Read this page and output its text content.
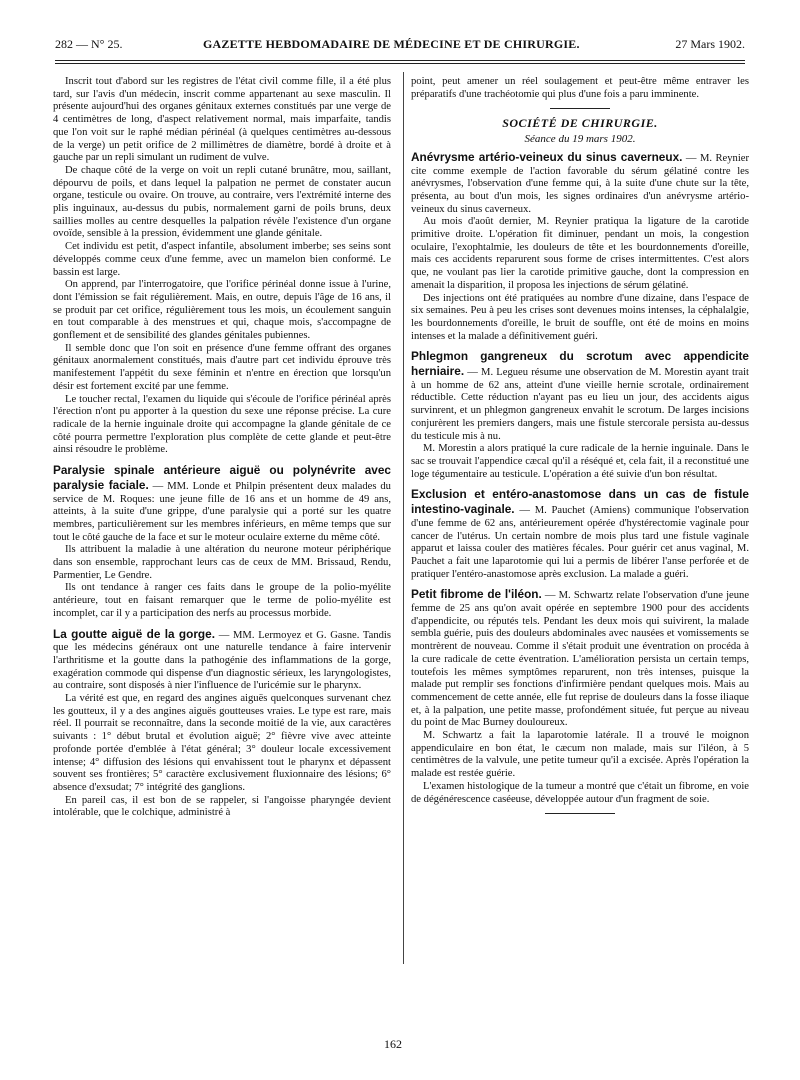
282 — N° 25.	GAZETTE HEBDOMADAIRE DE MÉDECINE ET DE CHIRURGIE.	27 Mars 1902.

Inscrit tout d'abord sur les registres de l'état civil comme fille, il a été plus tard, sur l'avis d'un médecin, inscrit comme appartenant au sexe masculin. Il présente aujourd'hui des organes génitaux externes constitués par une verge de 4 centimètres de long, d'aspect relativement normal, mais imparfaite, tandis que l'on voit sur le raphé médian périnéal (à quelques centimètres au-dessous de la verge) un petit orifice de 2 millimètres de diamètre, bordé à droite et à gauche par un repli simulant un rudiment de vulve.

De chaque côté de la verge on voit un repli cutané brunâtre, mou, saillant, dépourvu de poils, et dans lequel la palpation ne permet de constater aucun organe, testicule ou ovaire. On trouve, au contraire, vers l'extrémité interne des plis inguinaux, au-dessus du pubis, normalement garni de poils bruns, deux saillies molles au centre desquelles la palpation révèle l'existence d'un organe ovoïde, sensible à la pression, évidemment une glande génitale.

Cet individu est petit, d'aspect infantile, absolument imberbe; ses seins sont développés comme ceux d'une femme, avec un mamelon bien conformé. Le bassin est large.

On apprend, par l'interrogatoire, que l'orifice périnéal donne issue à l'urine, dont l'émission se fait régulièrement. Mais, en outre, depuis l'âge de 16 ans, il se produit par cet orifice, régulièrement tous les mois, un écoulement sanguin en tout comparable à des menstrues et qui, chaque mois, s'accompagne de gonflement et de sensibilité des glandes génitales pubiennes.

Il semble donc que l'on soit en présence d'une femme offrant des organes génitaux anormalement constitués, mais d'autre part cet individu éprouve très manifestement l'appétit du sexe féminin et n'entre en érection que lorsqu'un désir est fortement excité par une femme.

Le toucher rectal, l'examen du liquide qui s'écoule de l'orifice périnéal après l'érection n'ont pu apporter à la question du sexe une réponse précise. La cure radicale de la hernie inguinale droite qui accompagne la glande génitale de ce côté pourra permettre l'exploration plus complète de cette glande et peut-être ainsi résoudre le problème.

Paralysie spinale antérieure aiguë ou polynévrite avec paralysie faciale. — MM. Londe et Philpin présentent deux malades du service de M. Roques: une jeune fille de 16 ans et un homme de 49 ans, atteints, à la suite d'une grippe, d'une paralysie qui a porté sur les quatre membres, particulièrement sur les membres inférieurs, en même temps que sur tout le côté gauche de la face et sur le moteur oculaire externe du même côté.

Ils attribuent la maladie à une altération du neurone moteur périphérique dans son ensemble, rapprochant leurs cas de ceux de MM. Brissaud, Rendu, Parmentier, Le Gendre.

Ils ont tendance à ranger ces faits dans le groupe de la polio-myélite antérieure, tout en faisant remarquer que le terme de polio-myélite est incomplet, car il y a participation des nerfs au processus morbide.

La goutte aiguë de la gorge. — MM. Lermoyez et G. Gasne. Tandis que les médecins généraux ont une naturelle tendance à faire intervenir l'arthritisme et la goutte dans la pathogénie des inflammations de la gorge, exagération commode qui dispense d'un diagnostic sérieux, les laryngologistes, au contraire, sont disposés à nier l'influence de l'uricémie sur le pharynx.

La vérité est que, en regard des angines aiguës quelconques survenant chez les goutteux, il y a des angines aiguës goutteuses vraies. Le type est rare, mais réel. Il pourrait se reconnaître, dans la seconde moitié de la vie, aux caractères suivants : 1° début brutal et évolution aiguë; 2° fièvre vive avec atteinte profonde portée d'emblée à l'état général; 3° douleur locale excessivement intense; 4° diffusion des lésions qui envahissent tout le pharynx et dépassent souvent ses frontières; 5° caractère exclusivement fluxionnaire des lésions; 6° absence d'exsudat; 7° intégrité des ganglions.

En pareil cas, il est bon de se rappeler, si l'angoisse pharyngée devient intolérable, que le colchique, administré à

point, peut amener un réel soulagement et peut-être même entraver les préparatifs d'une trachéotomie qui plus d'une fois a paru imminente.

SOCIÉTÉ DE CHIRURGIE.
Séance du 19 mars 1902.

Anévrysme artério-veineux du sinus caverneux. — M. Reynier cite comme exemple de l'action favorable du sérum gélatiné contre les anévrysmes, l'observation d'une femme qui, à la suite d'une chute sur la tête, présenta, au bout d'un mois, les signes ordinaires d'un anévrysme artério-veineux du sinus caverneux.

Au mois d'août dernier, M. Reynier pratiqua la ligature de la carotide primitive droite. L'opération fit diminuer, pendant un mois, la congestion oculaire, l'exophtalmie, les douleurs de tête et les bourdonnements d'oreille, mais ces accidents reparurent sous forme de crises intermittentes. C'est alors que, ne voulant pas lier la carotide primitive gauche, dont la compression en amenait la disparition, il proposa les injections de sérum gélatiné.

Des injections ont été pratiquées au nombre d'une dizaine, dans l'espace de six semaines. Peu à peu les crises sont devenues moins intenses, la céphalalgie, les bourdonnements d'oreille, le bruit de souffle, ont été de moins en moins intenses et la malade a définitivement guéri.

Phlegmon gangreneux du scrotum avec appendicite herniaire. — M. Legueu résume une observation de M. Morestin ayant trait à un homme de 62 ans, atteint d'une vieille hernie scrotale, ordinairement réductible. Cette réduction n'ayant pas eu lieu un jour, des accidents aigus survinrent, et un phlegmon gangreneux envahit le scrotum. De larges incisions conjurèrent les premiers dangers, mais une fistule stercorale persista au-dessus du testicule mis à nu.

M. Morestin a alors pratiqué la cure radicale de la hernie inguinale. Dans le sac se trouvait l'appendice cæcal qu'il a réséqué et, cela fait, il a reconstitué une loge tégumentaire au testicule. L'opération a été suivie d'un bon résultat.

Exclusion et entéro-anastomose dans un cas de fistule intestino-vaginale. — M. Pauchet (Amiens) communique l'observation d'une femme de 62 ans, antérieurement opérée d'hystérectomie vaginale pour cancer de l'utérus. Un certain nombre de mois plus tard une fistule vaginale apparut et laissa couler des matières fécales. Pour guérir cet anus vaginal, M. Pauchet a fait une laparotomie qui lui a permis de libérer l'anse perforée et de pratiquer l'entéro-anastomose après exclusion. La malade a guéri.

Petit fibrome de l'iléon. — M. Schwartz relate l'observation d'une jeune femme de 25 ans qu'on avait opérée en septembre 1900 pour des accidents d'appendicite, ou réputés tels. Pendant les deux mois qui suivirent, la malade sembla guérie, puis des douleurs abdominales avec nausées et vomissements se montrèrent de nouveau. Comme il s'était produit une éventration on procéda à la cure radicale de cette éventration. L'amélioration persista un certain temps, toutefois les mêmes symptômes reparurent, non très intenses, puisque la malade put remplir ses fonctions d'infirmière pendant quelques mois. Mais au commencement de cette année, elle fut reprise de douleurs dans la fosse iliaque et, à la palpation, une petite masse, profondément située, fut perçue au niveau du point de Mac Burney douloureux.

M. Schwartz a fait la laparotomie latérale. Il a trouvé le moignon appendiculaire en bon état, le cæcum non malade, mais sur l'iléon, à 5 centimètres de la valvule, une petite tumeur qu'il a excisée. Après l'opération la malade est restée guérie.

L'examen histologique de la tumeur a montré que c'était un fibrome, en voie de dégénérescence caséeuse, développée autour d'un fragment de soie.

162
